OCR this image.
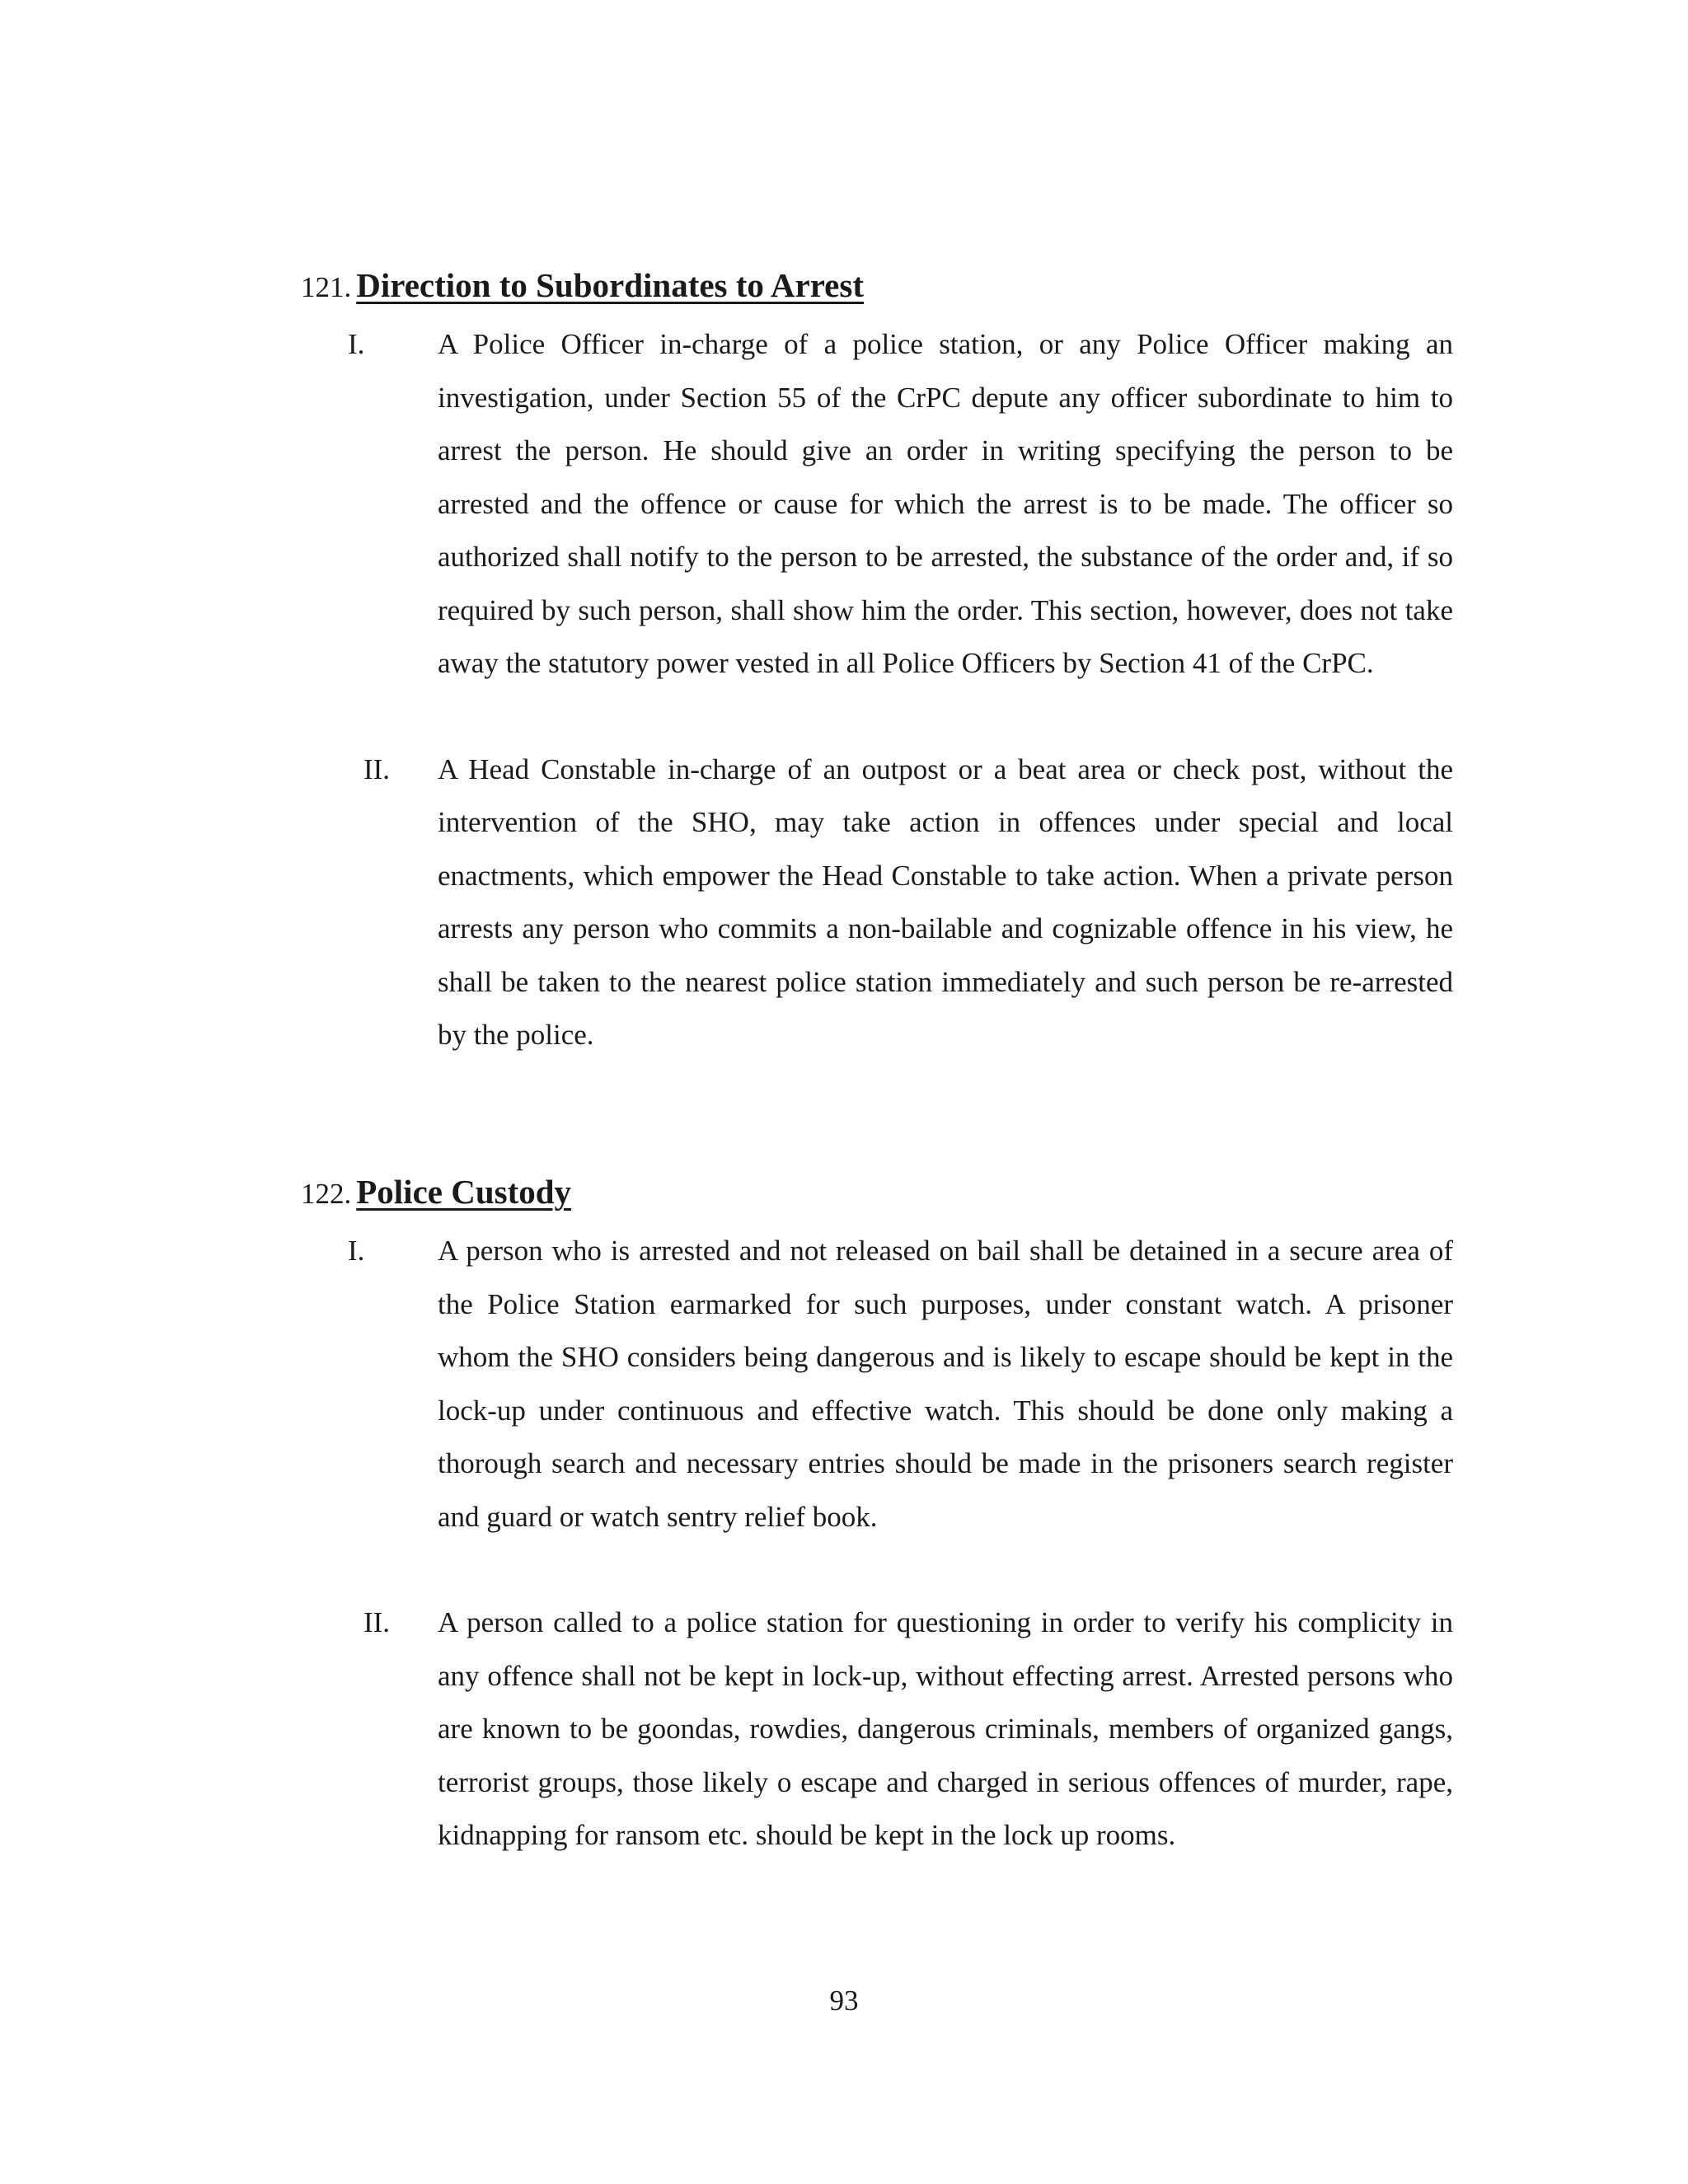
121. Direction to Subordinates to Arrest
I.	A Police Officer in-charge of a police station, or any Police Officer making an investigation, under Section 55 of the CrPC depute any officer subordinate to him to arrest the person. He should give an order in writing specifying the person to be arrested and the offence or cause for which the arrest is to be made. The officer so authorized shall notify to the person to be arrested, the substance of the order and, if so required by such person, shall show him the order. This section, however, does not take away the statutory power vested in all Police Officers by Section 41 of the CrPC.
II. A Head Constable in-charge of an outpost or a beat area or check post, without the intervention of the SHO, may take action in offences under special and local enactments, which empower the Head Constable to take action. When a private person arrests any person who commits a non-bailable and cognizable offence in his view, he shall be taken to the nearest police station immediately and such person be re-arrested by the police.
122. Police Custody
I.	A person who is arrested and not released on bail shall be detained in a secure area of the Police Station earmarked for such purposes, under constant watch. A prisoner whom the SHO considers being dangerous and is likely to escape should be kept in the lock-up under continuous and effective watch. This should be done only making a thorough search and necessary entries should be made in the prisoners search register and guard or watch sentry relief book.
II. A person called to a police station for questioning in order to verify his complicity in any offence shall not be kept in lock-up, without effecting arrest. Arrested persons who are known to be goondas, rowdies, dangerous criminals, members of organized gangs, terrorist groups, those likely o escape and charged in serious offences of murder, rape, kidnapping for ransom etc. should be kept in the lock up rooms.
93
